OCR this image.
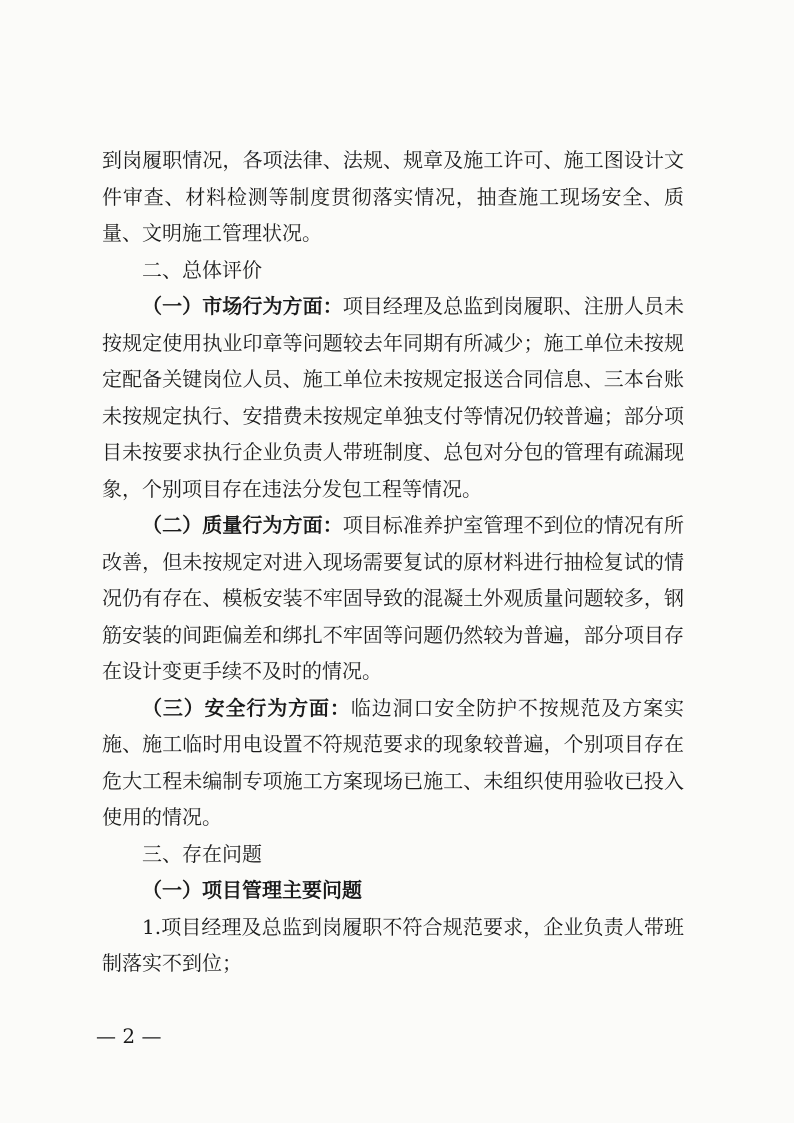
到岗履职情况，各项法律、法规、规章及施工许可、施工图设计文件审查、材料检测等制度贯彻落实情况，抽查施工现场安全、质量、文明施工管理状况。

二、总体评价

（一）市场行为方面：项目经理及总监到岗履职、注册人员未按规定使用执业印章等问题较去年同期有所减少；施工单位未按规定配备关键岗位人员、施工单位未按规定报送合同信息、三本台账未按规定执行、安措费未按规定单独支付等情况仍较普遍；部分项目未按要求执行企业负责人带班制度、总包对分包的管理有疏漏现象，个别项目存在违法分发包工程等情况。

（二）质量行为方面：项目标准养护室管理不到位的情况有所改善，但未按规定对进入现场需要复试的原材料进行抽检复试的情况仍有存在、模板安装不牢固导致的混凝土外观质量问题较多，钢筋安装的间距偏差和绑扎不牢固等问题仍然较为普遍，部分项目存在设计变更手续不及时的情况。

（三）安全行为方面：临边洞口安全防护不按规范及方案实施、施工临时用电设置不符规范要求的现象较普遍，个别项目存在危大工程未编制专项施工方案现场已施工、未组织使用验收已投入使用的情况。

三、存在问题

（一）项目管理主要问题

1.项目经理及总监到岗履职不符合规范要求，企业负责人带班制落实不到位；

— 2 —
